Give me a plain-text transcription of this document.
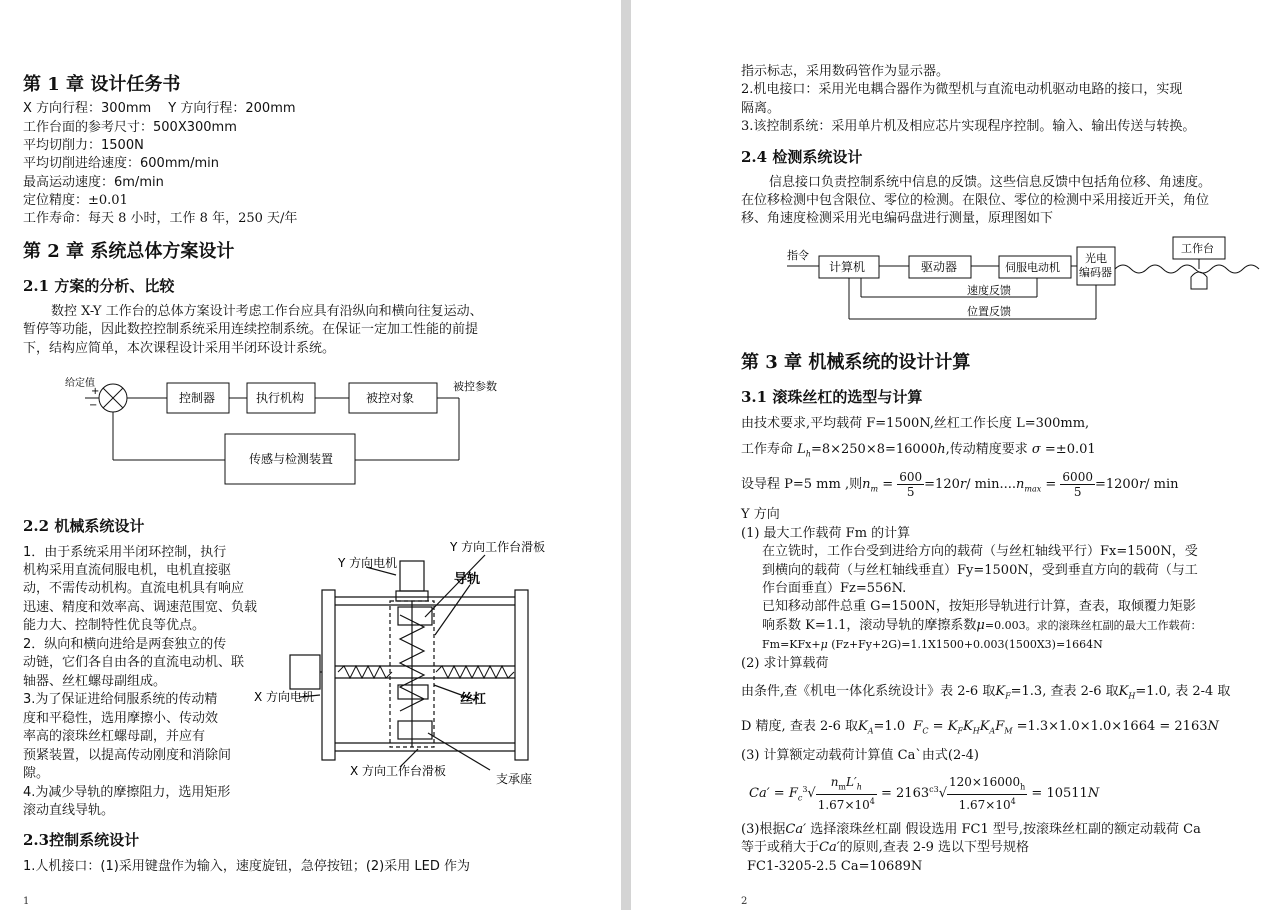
第 1 章 设计任务书
X 方向行程：300mm　 Y 方向行程：200mm
工作台面的参考尺寸：500X300mm
平均切削力：1500N
平均切削进给速度：600mm/min
最高运动速度：6m/min
定位精度：±0.01
工作寿命：每天 8 小时，工作 8 年，250 天/年
第 2 章 系统总体方案设计
2.1 方案的分析、比较
数控 X-Y 工作台的总体方案设计考虑工作台应具有沿纵向和横向往复运动、
暂停等功能，因此数控控制系统采用连续控制系统。在保证一定加工性能的前提
下，结构应简单，本次课程设计采用半闭环设计系统。
给定值
+
−
控制器	执行机构	被控对象
被控参数
传感与检测装置
2.2 机械系统设计
1．由于系统采用半闭环控制，执行
机构采用直流伺服电机，电机直接驱
动，不需传动机构。直流电机具有响应
迅速、精度和效率高、调速范围宽、负载
能力大、控制特性优良等优点。
2．纵向和横向进给是两套独立的传
动链，它们各自由各的直流电动机、联
轴器、丝杠螺母副组成。
3.为了保证进给伺服系统的传动精
度和平稳性，选用摩擦小、传动效
率高的滚珠丝杠螺母副，并应有
预紧装置，以提高传动刚度和消除间
隙。
4.为减少导轨的摩擦阻力，选用矩形
滚动直线导轨。
Y 方向电机
Y 方向工作台滑板
导轨
X 方向电机	丝杠
X 方向工作台滑板
支承座
2.3控制系统设计
1.人机接口：(1)采用键盘作为输入，速度旋钮，急停按钮；(2)采用 LED 作为
1
指示标志，采用数码管作为显示器。
2.机电接口：采用光电耦合器作为微型机与直流电动机驱动电路的接口，实现
隔离。
3.该控制系统：采用单片机及相应芯片实现程序控制。输入、输出传送与转换。
2.4 检测系统设计
信息接口负责控制系统中信息的反馈。这些信息反馈中包括角位移、角速度。
在位移检测中包含限位、零位的检测。在限位、零位的检测中采用接近开关，角位
移、角速度检测采用光电编码盘进行测量，原理图如下
指令
计算机	驱动器	伺服电动机
光电
编码器
工作台
速度反馈
位置反馈
第 3 章 机械系统的设计计算
3.1 滚珠丝杠的选型与计算
由技术要求,平均载荷 F=1500N,丝杠工作长度 L=300mm,
工作寿命 $L_h=8\times 250\times 8=16000h$,传动精度要求 σ =±0.01
设导程 P=5 mm ,则$n_m = \frac{600}{5} =120r/$ $\min....n_{max} = \frac{6000}{5} =1200r/$ min
Y 方向
(1) 最大工作载荷 Fm 的计算
在立铣时，工作台受到进给方向的载荷（与丝杠轴线平行）Fx=1500N，受
到横向的载荷（与丝杠轴线垂直）Fy=1500N，受到垂直方向的载荷（与工
作台面垂直）Fz=556N.
已知移动部件总重 G=1500N，按矩形导轨进行计算，查表，取倾覆力矩影
响系数 K=1.1，滚动导轨的摩擦系数μ=0.003。求的滚珠丝杠副的最大工作载荷：
Fm=KFx+μ (Fz+Fy+2G)=1.1X1500+0.003(1500X3)=1664N
(2) 求计算载荷
由条件,查《机电一体化系统设计》表 2-6 取$K_F=1.3$, 查表 2-6 取$K_H=1.0$, 表 2-4 取
D 精度, 查表 2-6 取$K_A=1.0$ $F_C = K_FK_HK_AF_M =1.3\times 1.0\times 1.0\times 1664 = 2163N$
(3) 计算额定动载荷计算值 Ca`由式(2-4)
$Ca' = F_c^3√ \frac{n_mL'_h}{1.67\times 10^4} = 2163^{c3}√ \frac{120\times 16000_h}{1.67\times 10^4} = 10511N$
(3)根据Ca′ 选择滚珠丝杠副 假设选用 FC1 型号,按滚珠丝杠副的额定动载荷 Ca
等于或稍大于Ca′的原则,查表 2-9 选以下型号规格
FC1-3205-2.5 Ca=10689N
2
